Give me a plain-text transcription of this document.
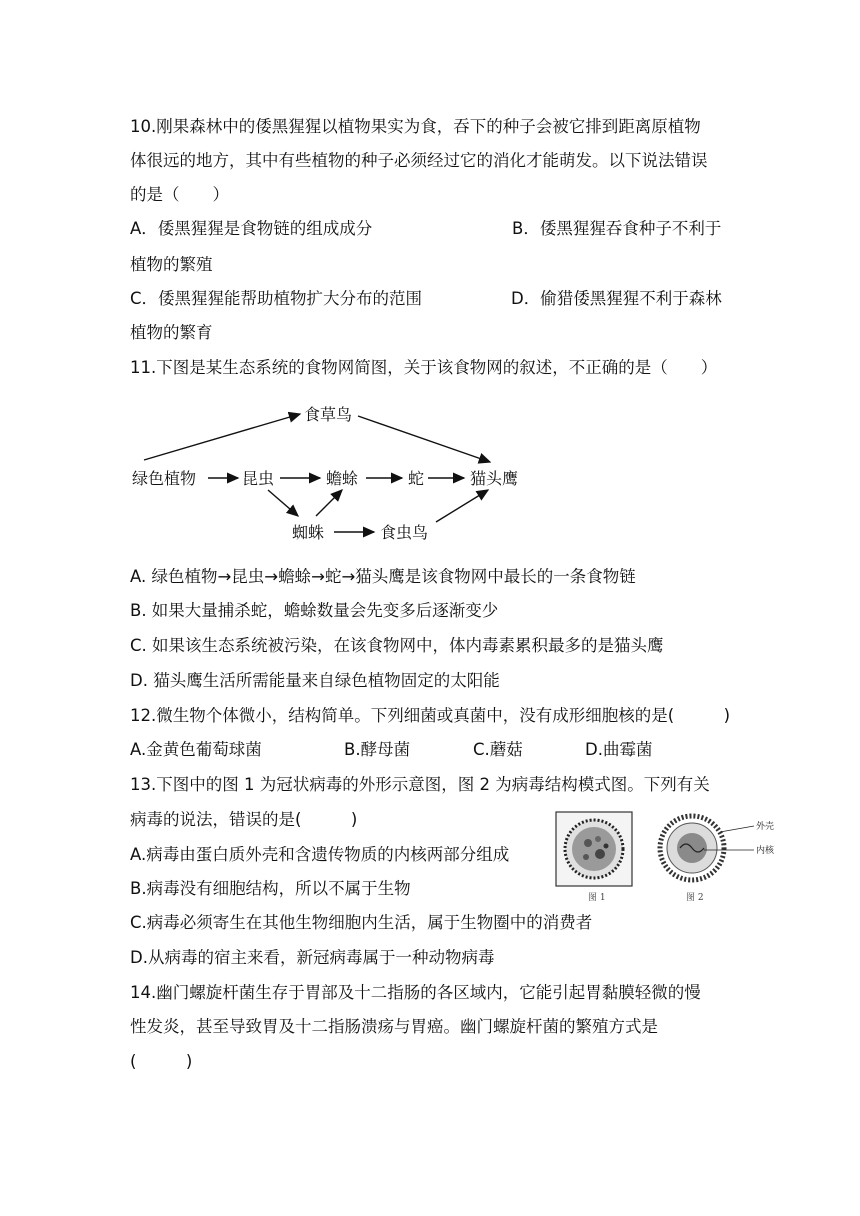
10.刚果森林中的倭黑猩猩以植物果实为食，吞下的种子会被它排到距离原植物
体很远的地方，其中有些植物的种子必须经过它的消化才能萌发。以下说法错误
的是（　　）
A．倭黑猩猩是食物链的组成成分	B．倭黑猩猩吞食种子不利于
植物的繁殖
C．倭黑猩猩能帮助植物扩大分布的范围	D．偷猎倭黑猩猩不利于森林
植物的繁育
11.下图是某生态系统的食物网简图，关于该食物网的叙述，不正确的是（　　）
绿色植物	昆虫	蟾蜍	蛇	猫头鹰
食草鸟
蜘蛛	食虫鸟
A. 绿色植物→昆虫→蟾蜍→蛇→猫头鹰是该食物网中最长的一条食物链
B. 如果大量捕杀蛇，蟾蜍数量会先变多后逐渐变少
C. 如果该生态系统被污染，在该食物网中，体内毒素累积最多的是猫头鹰
D. 猫头鹰生活所需能量来自绿色植物固定的太阳能
12.微生物个体微小，结构简单。下列细菌或真菌中，没有成形细胞核的是(　　　)
A.金黄色葡萄球菌	B.酵母菌	C.蘑菇	D.曲霉菌
13.下图中的图 1 为冠状病毒的外形示意图，图 2 为病毒结构模式图。下列有关
病毒的说法，错误的是(　　　)
A.病毒由蛋白质外壳和含遗传物质的内核两部分组成
B.病毒没有细胞结构，所以不属于生物
C.病毒必须寄生在其他生物细胞内生活，属于生物圈中的消费者
D.从病毒的宿主来看，新冠病毒属于一种动物病毒
图 1
外壳
内核
图 2
14.幽门螺旋杆菌生存于胃部及十二指肠的各区域内，它能引起胃黏膜轻微的慢
性发炎，甚至导致胃及十二指肠溃疡与胃癌。幽门螺旋杆菌的繁殖方式是
(　　　)
